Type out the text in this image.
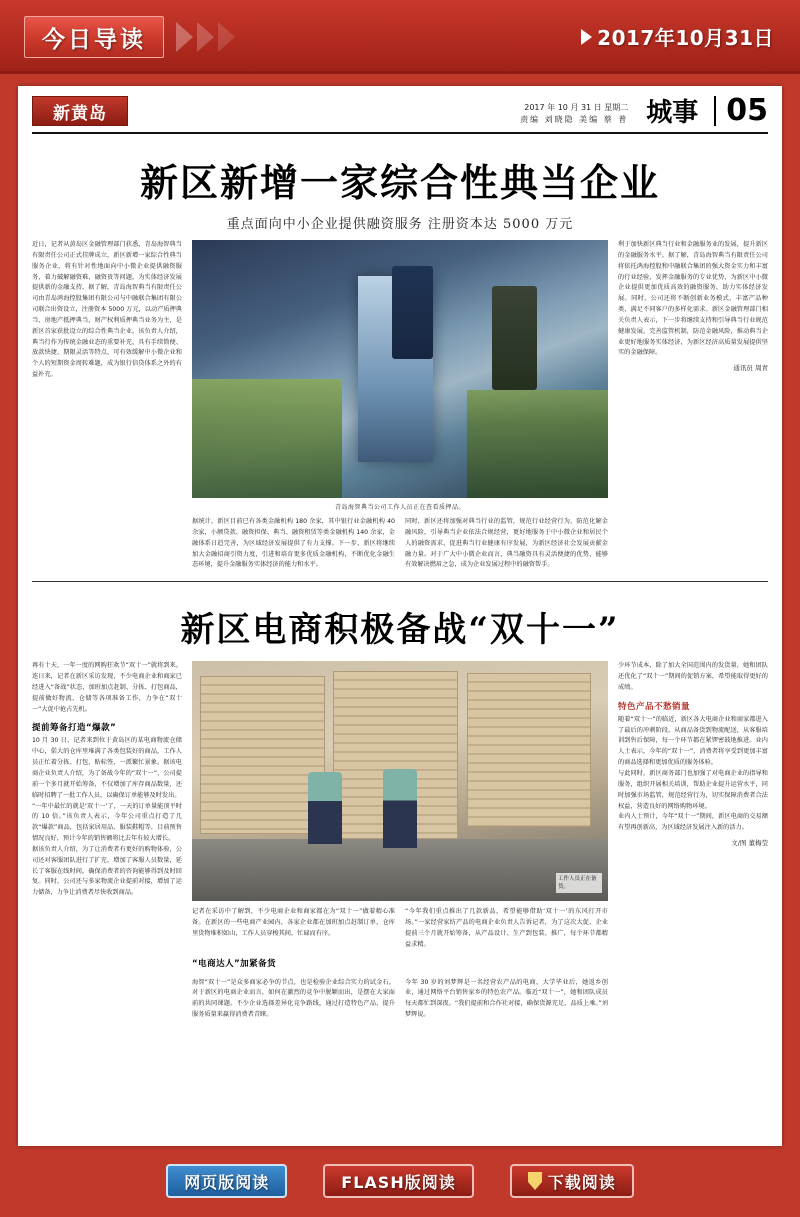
今日导读	2017年10月31日
新黄岛	2017 年 10 月 31 日 星期二
责编 刘晓隐 美编 蔡 普 城事 05
新区新增一家综合性典当企业
重点面向中小企业提供融资服务 注册资本达 5000 万元
近日，记者从黄岛区金融管理部门获悉，青岛海智典当有限责任公司正式挂牌成立，新区新增一家综合性典当服务企业，将有针对性地面向中小微企业提供融资服务，着力破解融资难、融资贵等问题，为实体经济发展提供新的金融支持。据了解，青岛海智典当有限责任公司由青岛鸿海控股集团有限公司与中融联合集团有限公司联合出资设立，注册资本 5000 万元，以动产质押典当、房地产抵押典当、财产权利质押典当业务为主，是新区首家获批设立的综合性典当企业。该负责人介绍，典当行作为传统金融业态的重要补充，具有手续简便、放款快捷、期限灵活等特点，可有效缓解中小微企业和个人的短期资金周转难题，成为银行信贷体系之外的有益补充。
青岛海智典当公司工作人员正在查看质押品。
据统计，新区目前已有各类金融机构 180 余家，其中银行业金融机构 40 余家，小额贷款、融资担保、典当、融资租赁等类金融机构 140 余家，金融体系日趋完善，为区域经济发展提供了有力支撑。下一步，新区将继续加大金融招商引资力度，引进和培育更多优质金融机构，不断优化金融生态环境，提升金融服务实体经济的能力和水平。
同时，新区还将加强对典当行业的监管，规范行业经营行为，防范化解金融风险，引导典当企业依法合规经营，更好地服务于中小微企业和居民个人的融资需求，促进典当行业健康有序发展，为新区经济社会发展贡献金融力量。对于广大中小微企业而言，典当融资具有灵活便捷的优势，能够有效解决燃眉之急，成为企业发展过程中的融资帮手。
利于加快新区典当行业和金融服务业的发展，提升新区的金融服务水平。据了解，青岛海智典当有限责任公司将依托鸿海控股和中融联合集团的强大资金实力和丰富的行业经验，发挥金融服务的专业优势，为新区中小微企业提供更加优质高效的融资服务，助力实体经济发展。同时，公司还将不断创新业务模式，丰富产品种类，满足不同客户的多样化需求。新区金融管理部门相关负责人表示，下一步将继续支持和引导典当行业规范健康发展，完善监管机制，防范金融风险，推动典当企业更好地服务实体经济，为新区经济高质量发展提供坚实的金融保障。
通讯员 周青
新区电商积极备战“双十一”
再有十天，一年一度的网购狂欢节“双十一”就将到来。连日来，记者在新区采访发现，不少电商企业和商家已经进入“备战”状态，加班加点赶制、分拣、打包商品，提前做好物流、仓储等各项准备工作，力争在“双十一”大促中抢占先机。
提前筹备打造“爆款”
10 月 30 日，记者来到位于黄岛区的某电商物流仓储中心，偌大的仓库里堆满了各类包装好的商品，工作人员正忙着分拣、打包、贴标签，一派繁忙景象。据该电商企业负责人介绍，为了备战今年的“双十一”，公司提前一个多月就开始筹备，不仅增加了库存商品数量，还临时招聘了一批工作人员，以确保订单能够及时发出。
“一年中最忙的就是‘双十一’了，一天的订单量能顶平时的 10 倍。”该负责人表示，今年公司重点打造了几款“爆款”商品，包括家居用品、服装鞋帽等，目前预售情况良好，预计今年的销售额将比去年有较大增长。
据该负责人介绍，为了让消费者有更好的购物体验，公司还对客服团队进行了扩充，增加了客服人员数量，延长了客服在线时间，确保消费者的咨询能够得到及时回复。同时，公司还与多家物流企业提前对接，增加了运力储备，力争让消费者尽快收到商品。
工作人员正在备货。
记者在采访中了解到，不少电商企业和商家都在为“双十一”做着精心准备。在新区的一些电商产业园内，各家企业都在加班加点赶制订单，仓库里货物堆积如山，工作人员穿梭其间，忙碌而有序。
“今年我们重点推出了几款新品，希望能够借助‘双十一’的东风打开市场。”一家经营家纺产品的电商企业负责人告诉记者，为了这次大促，企业提前三个月就开始筹备，从产品设计、生产到包装、推广，每个环节都精益求精。
“电商达人”加紧备货
海智“双十一”是众多商家必争的节点，也是检验企业综合实力的试金石。对于新区的电商企业而言，如何在激烈的竞争中脱颖而出，是摆在大家面前的共同课题。不少企业选择差异化竞争路线，通过打造特色产品、提升服务质量来赢得消费者青睐。
今年 30 岁的刘梦辉是一名经营农产品的电商，大学毕业后，她返乡创业，通过网络平台销售家乡的特色农产品。临近“双十一”，她和团队成员每天都忙到深夜。“我们提前和合作社对接，确保货源充足、品质上乘。”刘梦辉说。
少环节成本，除了加大全国范围内的发货量，她和团队还优化了“双十一”期间的促销方案，希望能取得更好的成绩。
特色产品不愁销量
随着“双十一”的临近，新区各大电商企业和商家都进入了最后的冲刺阶段。从商品备货到物流配送，从客服培训到售后保障，每一个环节都在紧锣密鼓地推进。业内人士表示，今年的“双十一”，消费者将享受到更加丰富的商品选择和更加优质的服务体验。
与此同时，新区商务部门也加强了对电商企业的指导和服务，组织开展相关培训，帮助企业提升运营水平，同时加强市场监管，规范经营行为，切实保障消费者合法权益，营造良好的网络购物环境。
业内人士预计，今年“双十一”期间，新区电商的交易额有望再创新高，为区域经济发展注入新的活力。
文/图 董梅莹
网页版阅读	FLASH版阅读	下载阅读
